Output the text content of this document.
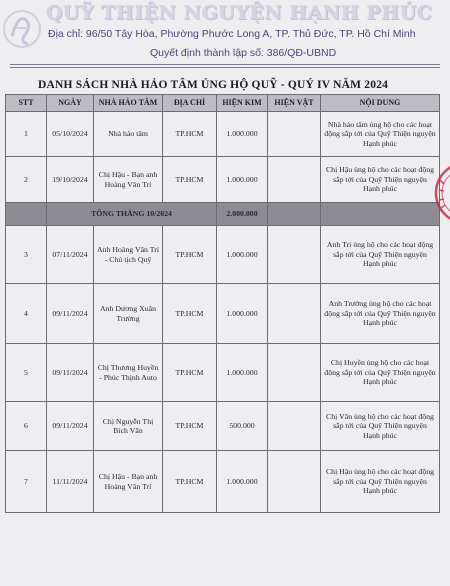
QUỸ THIỆN NGUYỆN HẠNH PHÚC
Địa chỉ: 96/50 Tây Hòa, Phường Phước Long A, TP. Thủ Đức, TP. Hồ Chí Minh
Quyết định thành lập số: 386/QĐ-UBND
DANH SÁCH NHÀ HẢO TÂM ỦNG HỘ QUỸ - QUÝ IV NĂM 2024
STT	NGÀY	NHÀ HẢO TÂM	ĐỊA CHỈ	HIỆN KIM	HIỆN VẬT	NỘI DUNG
1	05/10/2024	Nhà hảo tâm	TP.HCM	1.000.000		Nhà hảo tâm ủng hộ cho các hoạt động sắp tới của Quỹ Thiện nguyện Hạnh phúc
2	19/10/2024	Chị Hậu - Bạn anh Hoàng Văn Trí	TP.HCM	1.000.000		Chị Hậu ủng hộ cho các hoạt động sắp tới của Quỹ Thiện nguyện Hạnh phúc
	TỔNG THÁNG 10/2024			2.000.000		
3	07/11/2024	Anh Hoàng Văn Trí - Chủ tịch Quỹ	TP.HCM	1.000.000		Anh Trí ủng hộ cho các hoạt động sắp tới của Quỹ Thiện nguyện Hạnh phúc
4	09/11/2024	Anh Dương Xuân Trường	TP.HCM	1.000.000		Anh Trường ủng hộ cho các hoạt động sắp tới của Quỹ Thiện nguyện Hạnh phúc
5	09/11/2024	Chị Thương Huyền - Phúc Thịnh Auto	TP.HCM	1.000.000		Chị Huyền ủng hộ cho các hoạt động sắp tới của Quỹ Thiện nguyện Hạnh phúc
6	09/11/2024	Chị Nguyễn Thị Bích Vân	TP.HCM	500.000		Chị Vân ủng hộ cho các hoạt động sắp tới của Quỹ Thiện nguyện Hạnh phúc
7	11/11/2024	Chị Hậu - Bạn anh Hoàng Văn Trí	TP.HCM	1.000.000		Chị Hậu ủng hộ cho các hoạt động sắp tới của Quỹ Thiện nguyện Hạnh phúc
